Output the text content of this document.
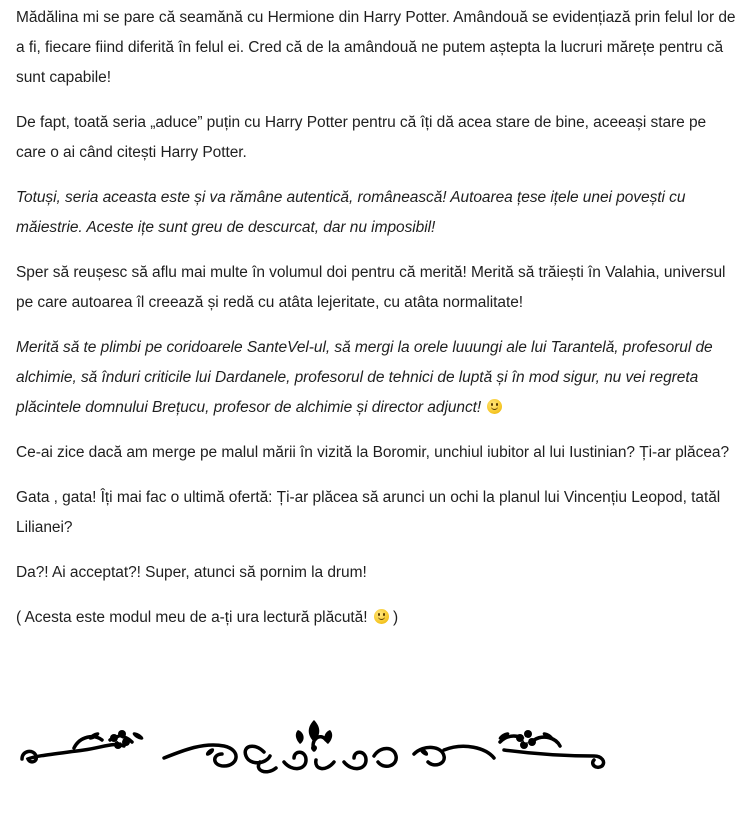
Mădălina mi se pare că seamănă cu Hermione din Harry Potter. Amândouă se evidențiază prin felul lor de a fi, fiecare fiind diferită în felul ei. Cred că de la amândouă ne putem aștepta la lucruri mărețe pentru că sunt capabile!

De fapt, toată seria „aduce” puțin cu Harry Potter pentru că îți dă acea stare de bine, aceeași stare pe care o ai când citești Harry Potter.

Totuși, seria aceasta este și va rămâne autentică, românească! Autoarea țese ițele unei povești cu măiestrie. Aceste ițe sunt greu de descurcat, dar nu imposibil!

Sper să reușesc să aflu mai multe în volumul doi pentru că merită! Merită să trăiești în Valahia, universul pe care autoarea îl creează și redă cu atâta lejeritate, cu atâta normalitate!

Merită să te plimbi pe coridoarele SanteVel-ul, să mergi la orele luuungi ale lui Tarantelă, profesorul de alchimie, să înduri criticile lui Dardanele, profesorul de tehnici de luptă și în mod sigur, nu vei regreta plăcintele domnului Brețucu, profesor de alchimie și director adjunct!

Ce-ai zice dacă am merge pe malul mării în vizită la Boromir, unchiul iubitor al lui Iustinian? Ți-ar plăcea?

Gata , gata! Îți mai fac o ultimă ofertă: Ți-ar plăcea să arunci un ochi la planul lui Vincențiu Leopod, tatăl Lilianei?

Da?! Ai acceptat?! Super, atunci să pornim la drum!

( Acesta este modul meu de a-ți ura lectură plăcută!
)
